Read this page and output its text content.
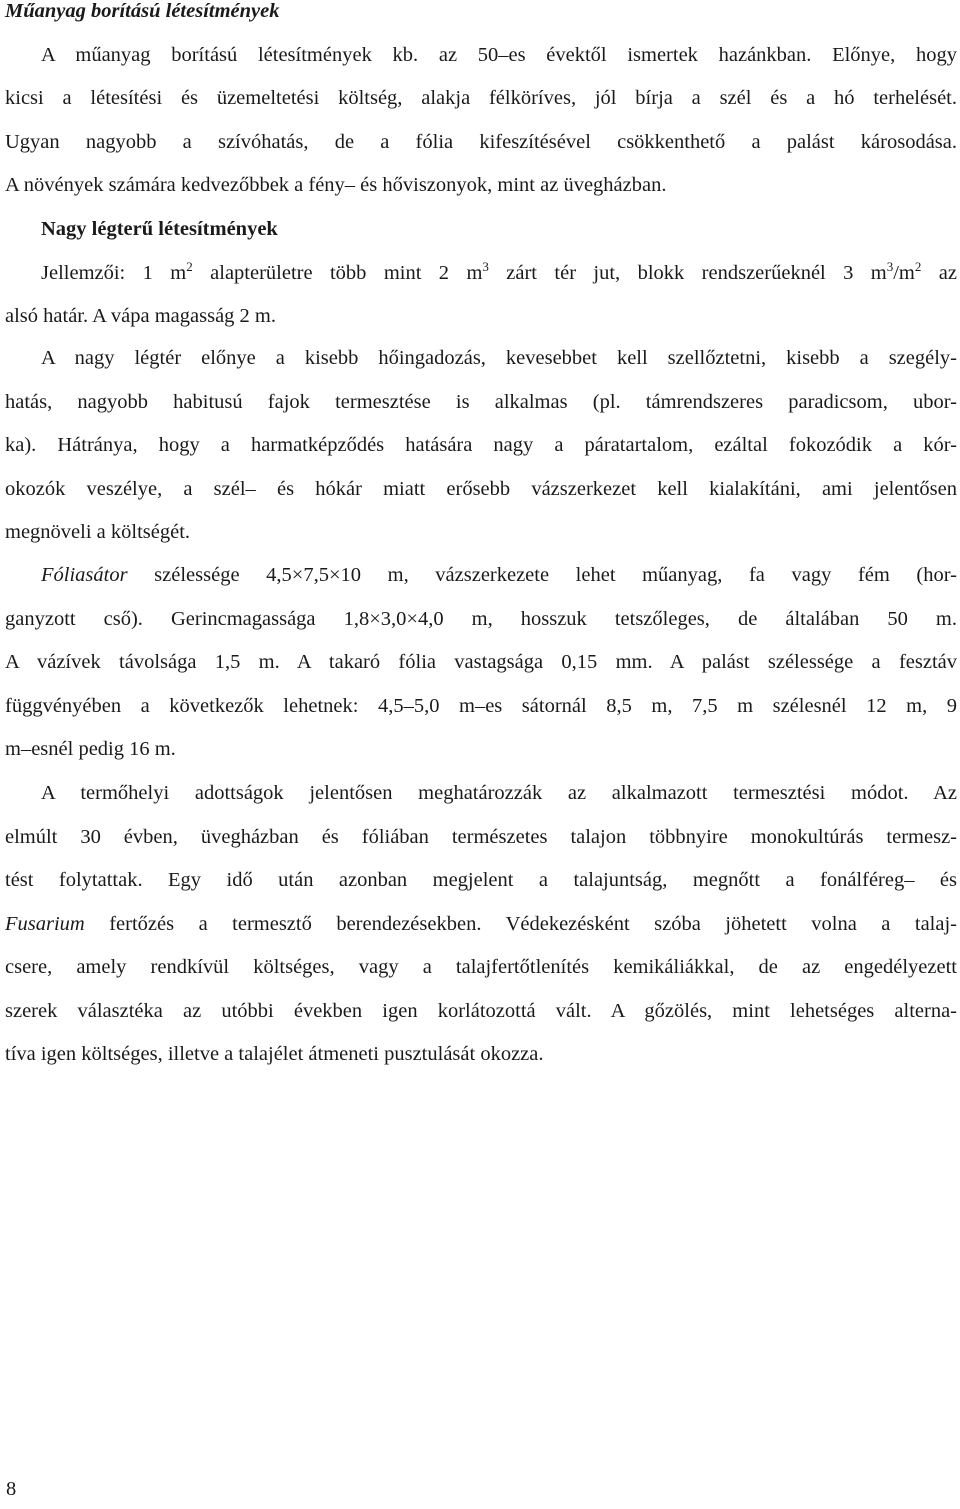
Műanyag borítású létesítmények
A műanyag borítású létesítmények kb. az 50–es évektől ismertek hazánkban. Előnye, hogy
kicsi a létesítési és üzemeltetési költség, alakja félköríves, jól bírja a szél és a hó terhelését.
Ugyan nagyobb a szívóhatás, de a fólia kifeszítésével csökkenthető a palást károsodása.
A növények számára kedvezőbbek a fény– és hőviszonyok, mint az üvegházban.
Nagy légterű létesítmények
Jellemzői: 1 $m^2$ alapterületre több mint 2 $m^3$ zárt tér jut, blokk rendszerűeknél 3 $m^3/m^2$ az
alsó határ. A vápa magasság 2 m.
A nagy légtér előnye a kisebb hőingadozás, kevesebbet kell szellőztetni, kisebb a szegély-
hatás, nagyobb habitusú fajok termesztése is alkalmas (pl. támrendszeres paradicsom, ubor-
ka). Hátránya, hogy a harmatképződés hatására nagy a páratartalom, ezáltal fokozódik a kór-
okozók veszélye, a szél– és hókár miatt erősebb vázszerkezet kell kialakítáni, ami jelentősen
megnöveli a költségét.
Fóliasátor szélessége 4,5×7,5×10 m, vázszerkezete lehet műanyag, fa vagy fém (hor-
ganyzott cső). Gerincmagassága 1,8×3,0×4,0 m, hosszuk tetszőleges, de általában 50 m.
A vázívek távolsága 1,5 m. A takaró fólia vastagsága 0,15 mm. A palást szélessége a fesztáv
függvényében a következők lehetnek: 4,5–5,0 m–es sátornál 8,5 m, 7,5 m szélesnél 12 m, 9
m–esnél pedig 16 m.
A termőhelyi adottságok jelentősen meghatározzák az alkalmazott termesztési módot. Az
elmúlt 30 évben, üvegházban és fóliában természetes talajon többnyire monokultúrás termesz-
tést folytattak. Egy idő után azonban megjelent a talajuntság, megnőtt a fonálféreg– és
Fusarium fertőzés a termesztő berendezésekben. Védekezésként szóba jöhetett volna a talaj-
csere, amely rendkívül költséges, vagy a talajfertőtlenítés kemikáliákkal, de az engedélyezett
szerek választéka az utóbbi években igen korlátozottá vált. A gőzölés, mint lehetséges alterna-
tíva igen költséges, illetve a talajélet átmeneti pusztulását okozza.
8
